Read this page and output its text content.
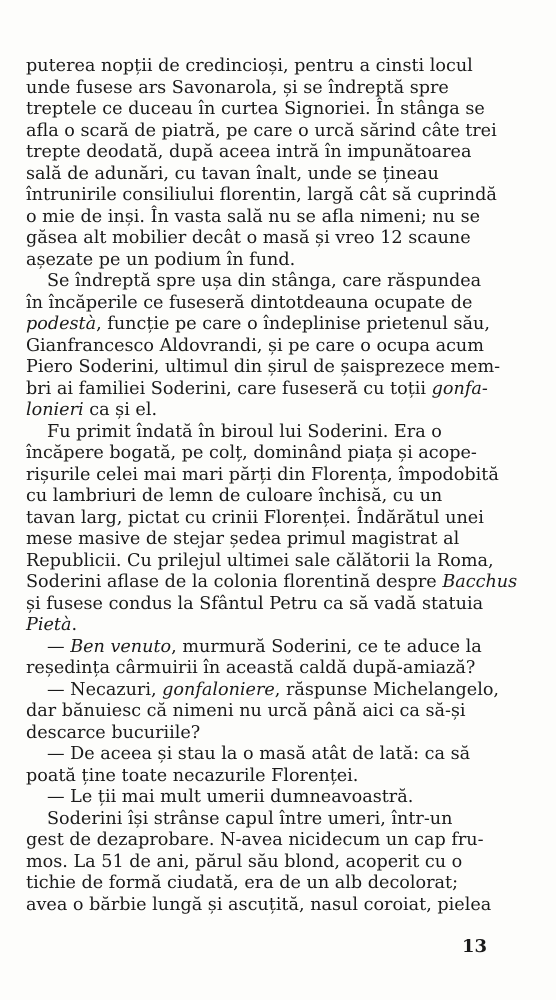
puterea nopții de credincioși, pentru a cinsti locul
unde fusese ars Savonarola, și se îndreptă spre
treptele ce duceau în curtea Signoriei. În stânga se
afla o scară de piatră, pe care o urcă sărind câte trei
trepte deodată, după aceea intră în impunătoarea
sală de adunări, cu tavan înalt, unde se țineau
întrunirile consiliului florentin, largă cât să cuprindă
o mie de inși. În vasta sală nu se afla nimeni; nu se
găsea alt mobilier decât o masă și vreo 12 scaune
așezate pe un podium în fund.
Se îndreptă spre ușa din stânga, care răspundea
în încăperile ce fuseseră dintotdeauna ocupate de
podestà, funcție pe care o îndeplinise prietenul său,
Gianfrancesco Aldovrandi, și pe care o ocupa acum
Piero Soderini, ultimul din șirul de șaisprezece mem-
bri ai familiei Soderini, care fuseseră cu toții gonfa-
lonieri ca și el.
Fu primit îndată în biroul lui Soderini. Era o
încăpere bogată, pe colț, dominând piața și acope-
rișurile celei mai mari părți din Florența, împodobită
cu lambriuri de lemn de culoare închisă, cu un
tavan larg, pictat cu crinii Florenței. Îndărătul unei
mese masive de stejar ședea primul magistrat al
Republicii. Cu prilejul ultimei sale călătorii la Roma,
Soderini aflase de la colonia florentină despre Bacchus
și fusese condus la Sfântul Petru ca să vadă statuia
Pietà.
— Ben venuto, murmură Soderini, ce te aduce la
reședința cârmuirii în această caldă după-amiază?
— Necazuri, gonfaloniere, răspunse Michelangelo,
dar bănuiesc că nimeni nu urcă până aici ca să-și
descarce bucuriile?
— De aceea și stau la o masă atât de lată: ca să
poată ține toate necazurile Florenței.
— Le ții mai mult umerii dumneavoastră.
Soderini își strânse capul între umeri, într-un
gest de dezaprobare. N-avea nicidecum un cap fru-
mos. La 51 de ani, părul său blond, acoperit cu o
tichie de formă ciudată, era de un alb decolorat;
avea o bărbie lungă și ascuțită, nasul coroiat, pielea
13
